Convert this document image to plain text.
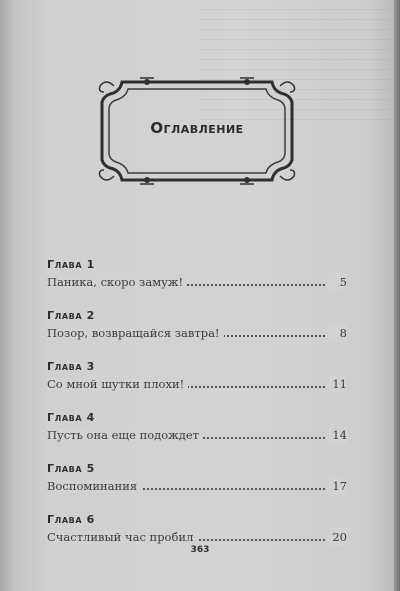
Оглавление
Глава 1
Паника, скоро замуж!	5
Глава 2
Позор, возвращайся завтра!	8
Глава 3
Со мной шутки плохи!	11
Глава 4
Пусть она еще подождет	14
Глава 5
Воспоминания	17
Глава 6
Счастливый час пробил	20
363
